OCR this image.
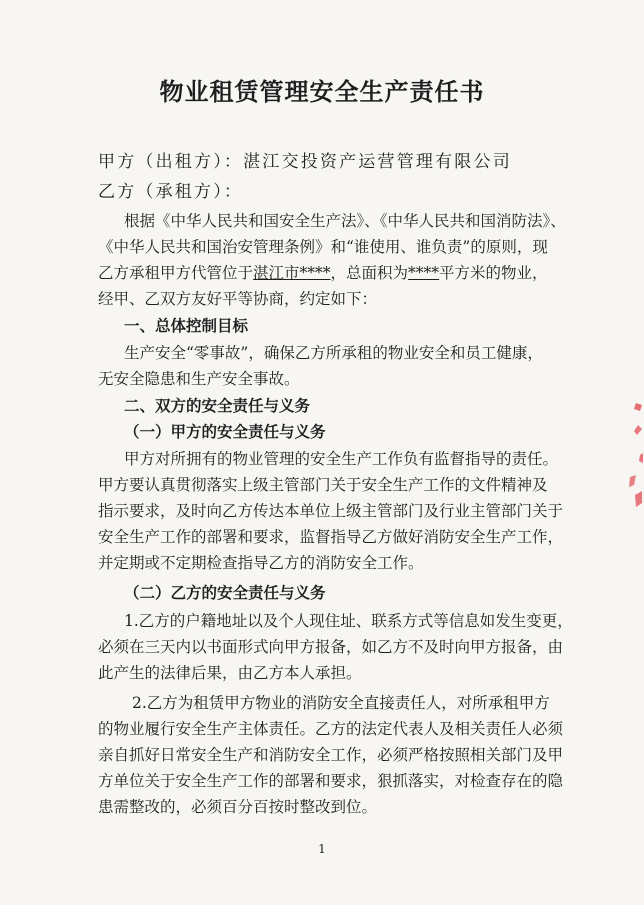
物业租赁管理安全生产责任书
甲方（出租方）：湛江交投资产运营管理有限公司
乙方（承租方）：
根据《中华人民共和国安全生产法》、《中华人民共和国消防法》、
《中华人民共和国治安管理条例》和“谁使用、谁负责”的原则，现
乙方承租甲方代管位于湛江市****，总面积为****平方米的物业，
经甲、乙双方友好平等协商，约定如下：
一、总体控制目标
生产安全“零事故”，确保乙方所承租的物业安全和员工健康，
无安全隐患和生产安全事故。
二、双方的安全责任与义务
（一）甲方的安全责任与义务
甲方对所拥有的物业管理的安全生产工作负有监督指导的责任。
甲方要认真贯彻落实上级主管部门关于安全生产工作的文件精神及
指示要求，及时向乙方传达本单位上级主管部门及行业主管部门关于
安全生产工作的部署和要求，监督指导乙方做好消防安全生产工作，
并定期或不定期检查指导乙方的消防安全工作。
（二）乙方的安全责任与义务
1.乙方的户籍地址以及个人现住址、联系方式等信息如发生变更，
必须在三天内以书面形式向甲方报备，如乙方不及时向甲方报备，由
此产生的法律后果，由乙方本人承担。
2.乙方为租赁甲方物业的消防安全直接责任人，对所承租甲方
的物业履行安全生产主体责任。乙方的法定代表人及相关责任人必须
亲自抓好日常安全生产和消防安全工作，必须严格按照相关部门及甲
方单位关于安全生产工作的部署和要求，狠抓落实，对检查存在的隐
患需整改的，必须百分百按时整改到位。
1
